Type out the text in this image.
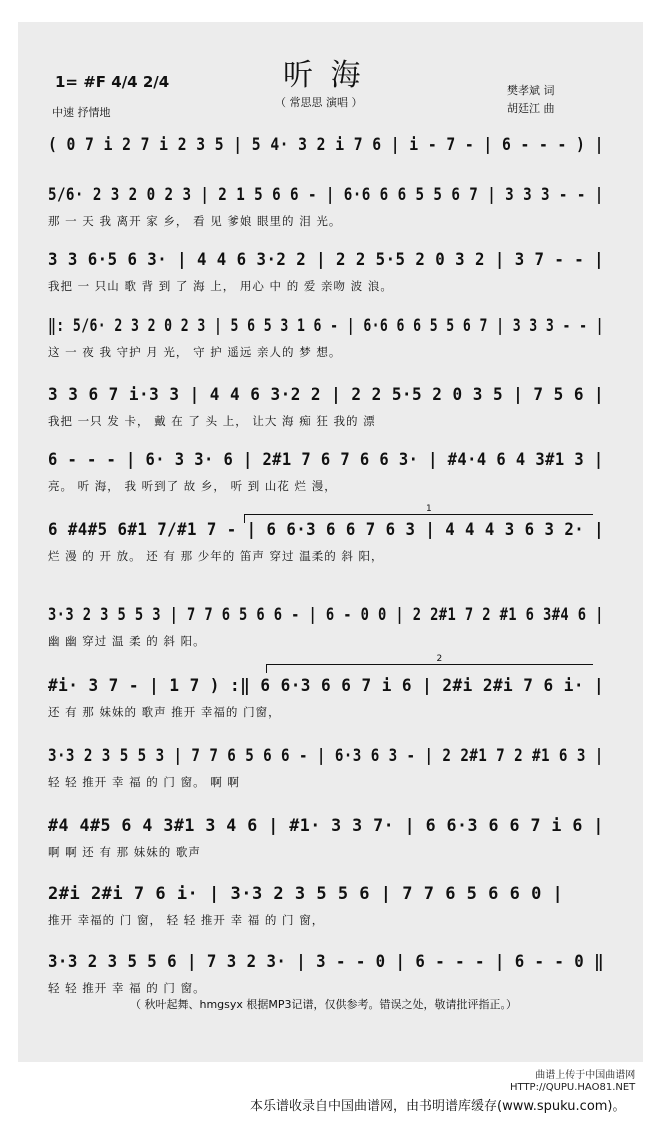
听 海
（ 常思思 演唱 ）
1= #F 4/4 2/4
中速 抒情地
樊孝斌 词
胡廷江 曲
( 0 7 i 2 7 i 2 3 5 | 5 4· 3 2 i 7 6 | i - 7 - | 6 - - - ) |
5/6· 2 3 2 0 2 3 | 2 1 5 6 6 - | 6·6 6 6 5 5 6 7 | 3 3 3 - - |
那 一 天 我 离开 家 乡， 看 见 爹娘 眼里的 泪 光。
3 3 6·5 6 3· | 4 4 6 3·2 2 | 2 2 5·5 2 0 3 2 | 3 7 - - |
我把 一 只山 歌 背 到 了 海 上， 用心 中 的 爱 亲吻 波 浪。
‖: 5/6· 2 3 2 0 2 3 | 5 6 5 3 1 6 - | 6·6 6 6 5 5 6 7 | 3 3 3 - - |
这 一 夜 我 守护 月 光， 守 护 遥远 亲人的 梦 想。
3 3 6 7 i·3 3 | 4 4 6 3·2 2 | 2 2 5·5 2 0 3 5 | 7 5 6 |
我把 一只 发 卡， 戴 在 了 头 上， 让大 海 痴 狂 我的 漂
6 - - - | 6· 3 3· 6 | 2#1 7 6 7 6 6 3· | #4·4 6 4 3#1 3 |
亮。 听 海， 我 听到了 故 乡， 听 到 山花 烂 漫，
6 #4#5 6#1 7/#1 7 - | 6 6·3 6 6 7 6 3 | 4 4 4 3 6 3 2· |
烂 漫 的 开 放。 还 有 那 少年的 笛声 穿过 温柔的 斜 阳，
3·3 2 3 5 5 3 | 7 7 6 5 6 6 - | 6 - 0 0 | 2 2#1 7 2 #1 6 3#4 6 |
幽 幽 穿过 温 柔 的 斜 阳。
#i· 3 7 - | 1 7 ) :‖ 6 6·3 6 6 7 i 6 | 2#i 2#i 7 6 i· |
还 有 那 妹妹的 歌声 推开 幸福的 门窗，
3·3 2 3 5 5 3 | 7 7 6 5 6 6 - | 6·3 6 3 - | 2 2#1 7 2 #1 6 3 |
轻 轻 推开 幸 福 的 门 窗。 啊 啊
#4 4#5 6 4 3#1 3 4 6 | #1· 3 3 7· | 6 6·3 6 6 7 i 6 |
啊 啊 还 有 那 妹妹的 歌声
2#i 2#i 7 6 i· | 3·3 2 3 5 5 6 | 7 7 6 5 6 6 0 |
推开 幸福的 门 窗， 轻 轻 推开 幸 福 的 门 窗，
3·3 2 3 5 5 6 | 7 3 2 3· | 3 - - 0 | 6 - - - | 6 - - 0 ‖
轻 轻 推开 幸 福 的 门 窗。
1
2
（ 秋叶起舞、hmgsyx 根据MP3记谱，仅供参考。错误之处，敬请批评指正。）
曲谱上传于中国曲谱网
HTTP://QUPU.HAO81.NET
本乐谱收录自中国曲谱网，由书明谱库缓存(www.spuku.com)。
